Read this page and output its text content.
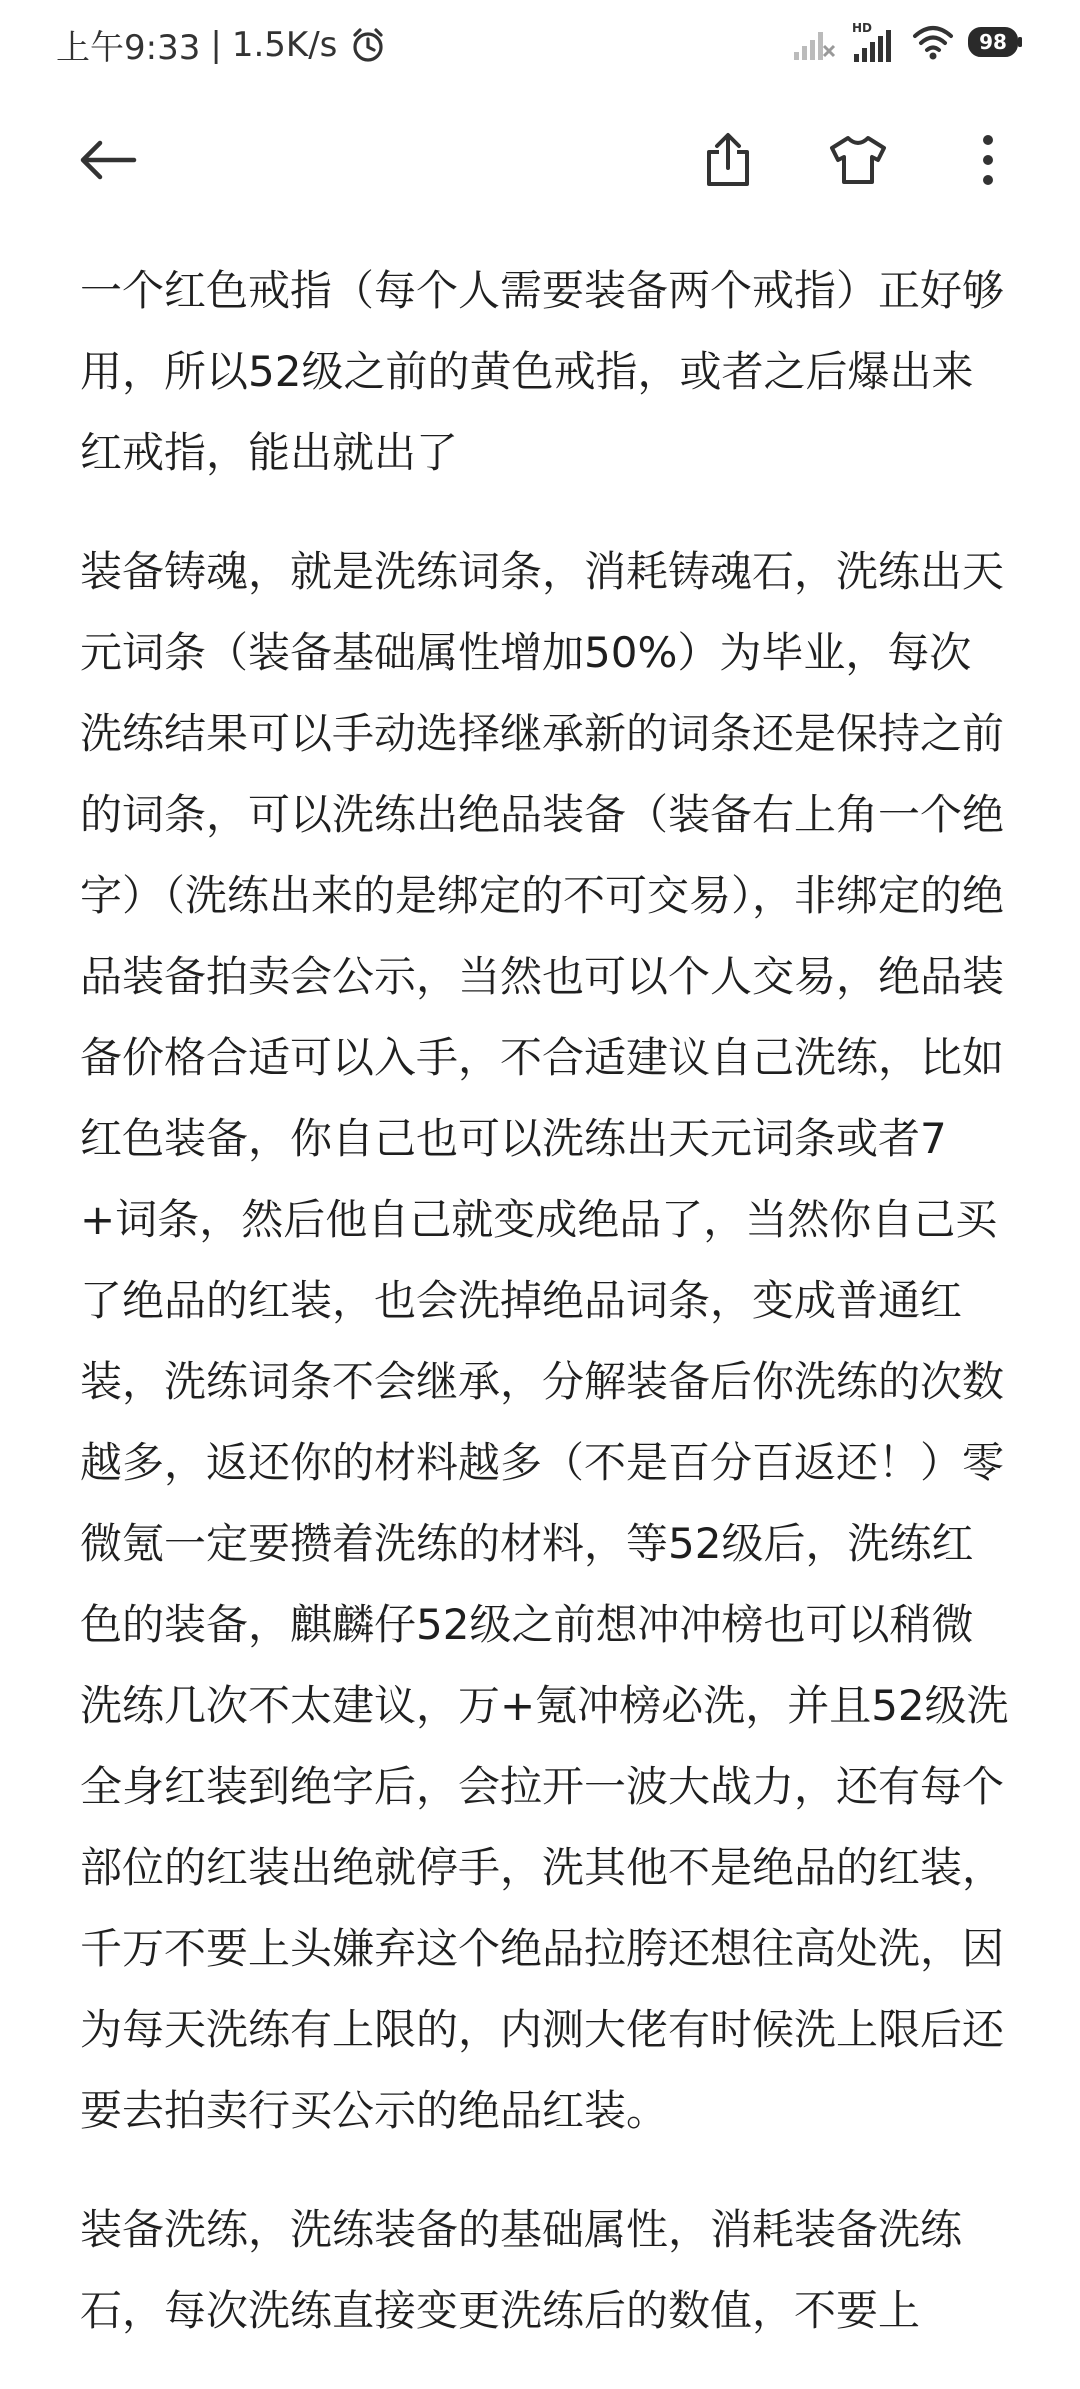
上午9:33 | 1.5K/s	HD
98

一个红色戒指（每个人需要装备两个戒指）正好够用，所以52级之前的黄色戒指，或者之后爆出来红戒指，能出就出了

装备铸魂，就是洗练词条，消耗铸魂石，洗练出天元词条（装备基础属性增加50%）为毕业，每次洗练结果可以手动选择继承新的词条还是保持之前的词条，可以洗练出绝品装备（装备右上角一个绝字）（洗练出来的是绑定的不可交易），非绑定的绝品装备拍卖会公示，当然也可以个人交易，绝品装备价格合适可以入手，不合适建议自己洗练，比如红色装备，你自己也可以洗练出天元词条或者7+词条，然后他自己就变成绝品了，当然你自己买了绝品的红装，也会洗掉绝品词条，变成普通红装，洗练词条不会继承，分解装备后你洗练的次数越多，返还你的材料越多（不是百分百返还！）零微氪一定要攒着洗练的材料，等52级后，洗练红色的装备，麒麟仔52级之前想冲冲榜也可以稍微洗练几次不太建议，万+氪冲榜必洗，并且52级洗全身红装到绝字后，会拉开一波大战力，还有每个部位的红装出绝就停手，洗其他不是绝品的红装，千万不要上头嫌弃这个绝品拉胯还想往高处洗，因为每天洗练有上限的，内测大佬有时候洗上限后还要去拍卖行买公示的绝品红装。

装备洗练，洗练装备的基础属性，消耗装备洗练石，每次洗练直接变更洗练后的数值，不要上
